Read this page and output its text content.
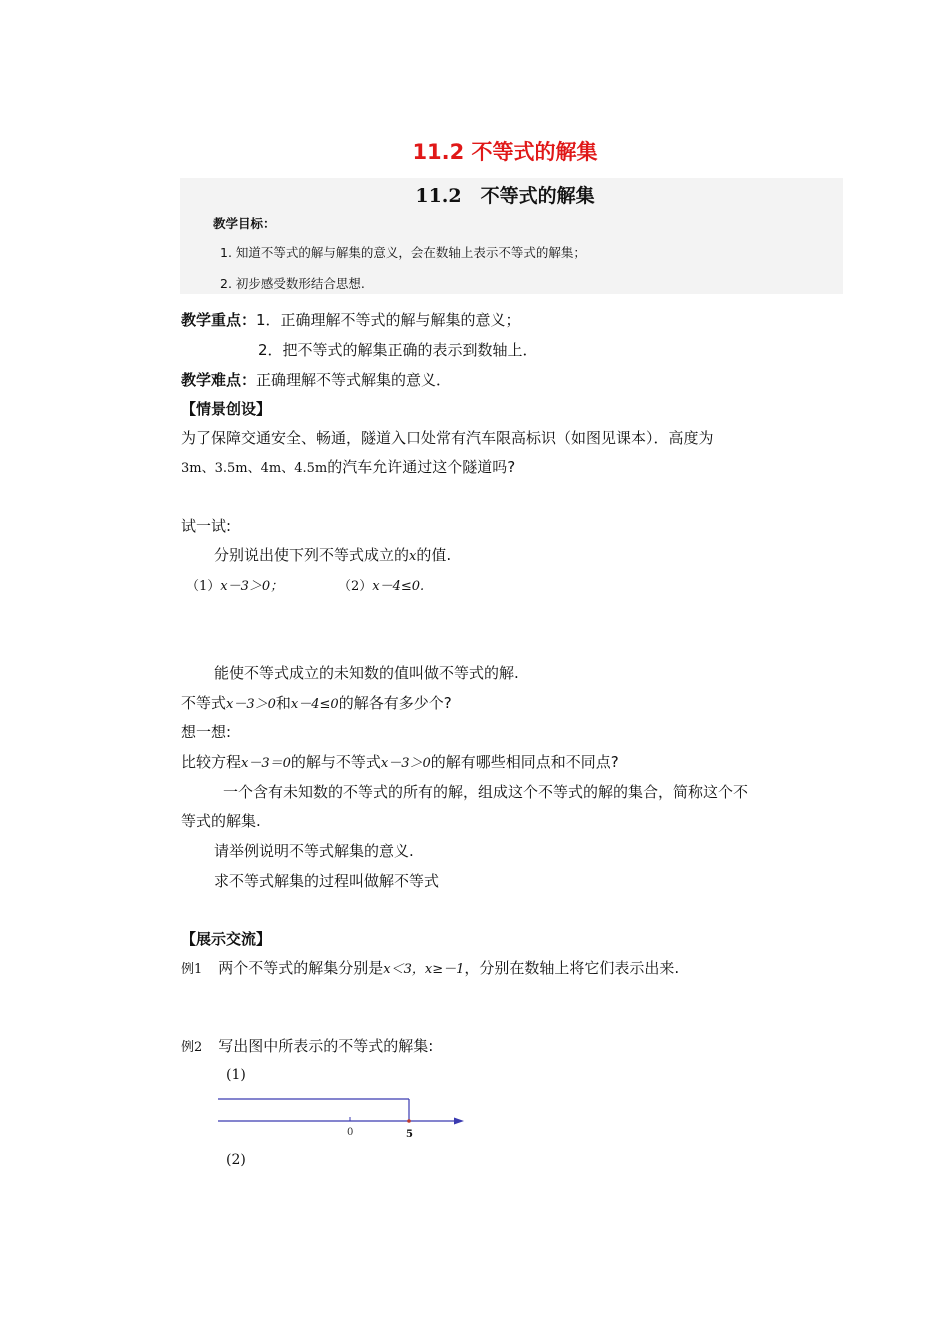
11.2 不等式的解集
11.2　不等式的解集
教学目标：
1. 知道不等式的解与解集的意义，会在数轴上表示不等式的解集；
2. 初步感受数形结合思想.
教学重点：1．正确理解不等式的解与解集的意义；
2．把不等式的解集正确的表示到数轴上．
教学难点：正确理解不等式解集的意义．
【情景创设】
为了保障交通安全、畅通，隧道入口处常有汽车限高标识（如图见课本）．高度为
3m、3.5m、4m、4.5m的汽车允许通过这个隧道吗?
试一试:
分别说出使下列不等式成立的x的值.
（1）x－3＞0；	（2）x－4≤0.
能使不等式成立的未知数的值叫做不等式的解.
不等式x－3＞0和x－4≤0的解各有多少个?
想一想:
比较方程x－3＝0的解与不等式x－3＞0的解有哪些相同点和不同点?
一个含有未知数的不等式的所有的解，组成这个不等式的解的集合，简称这个不
等式的解集.
请举例说明不等式解集的意义.
求不等式解集的过程叫做解不等式
【展示交流】
例1 两个不等式的解集分别是x＜3，x≥－1，分别在数轴上将它们表示出来.
例2 写出图中所表示的不等式的解集:
(1)
0	5
(2)
